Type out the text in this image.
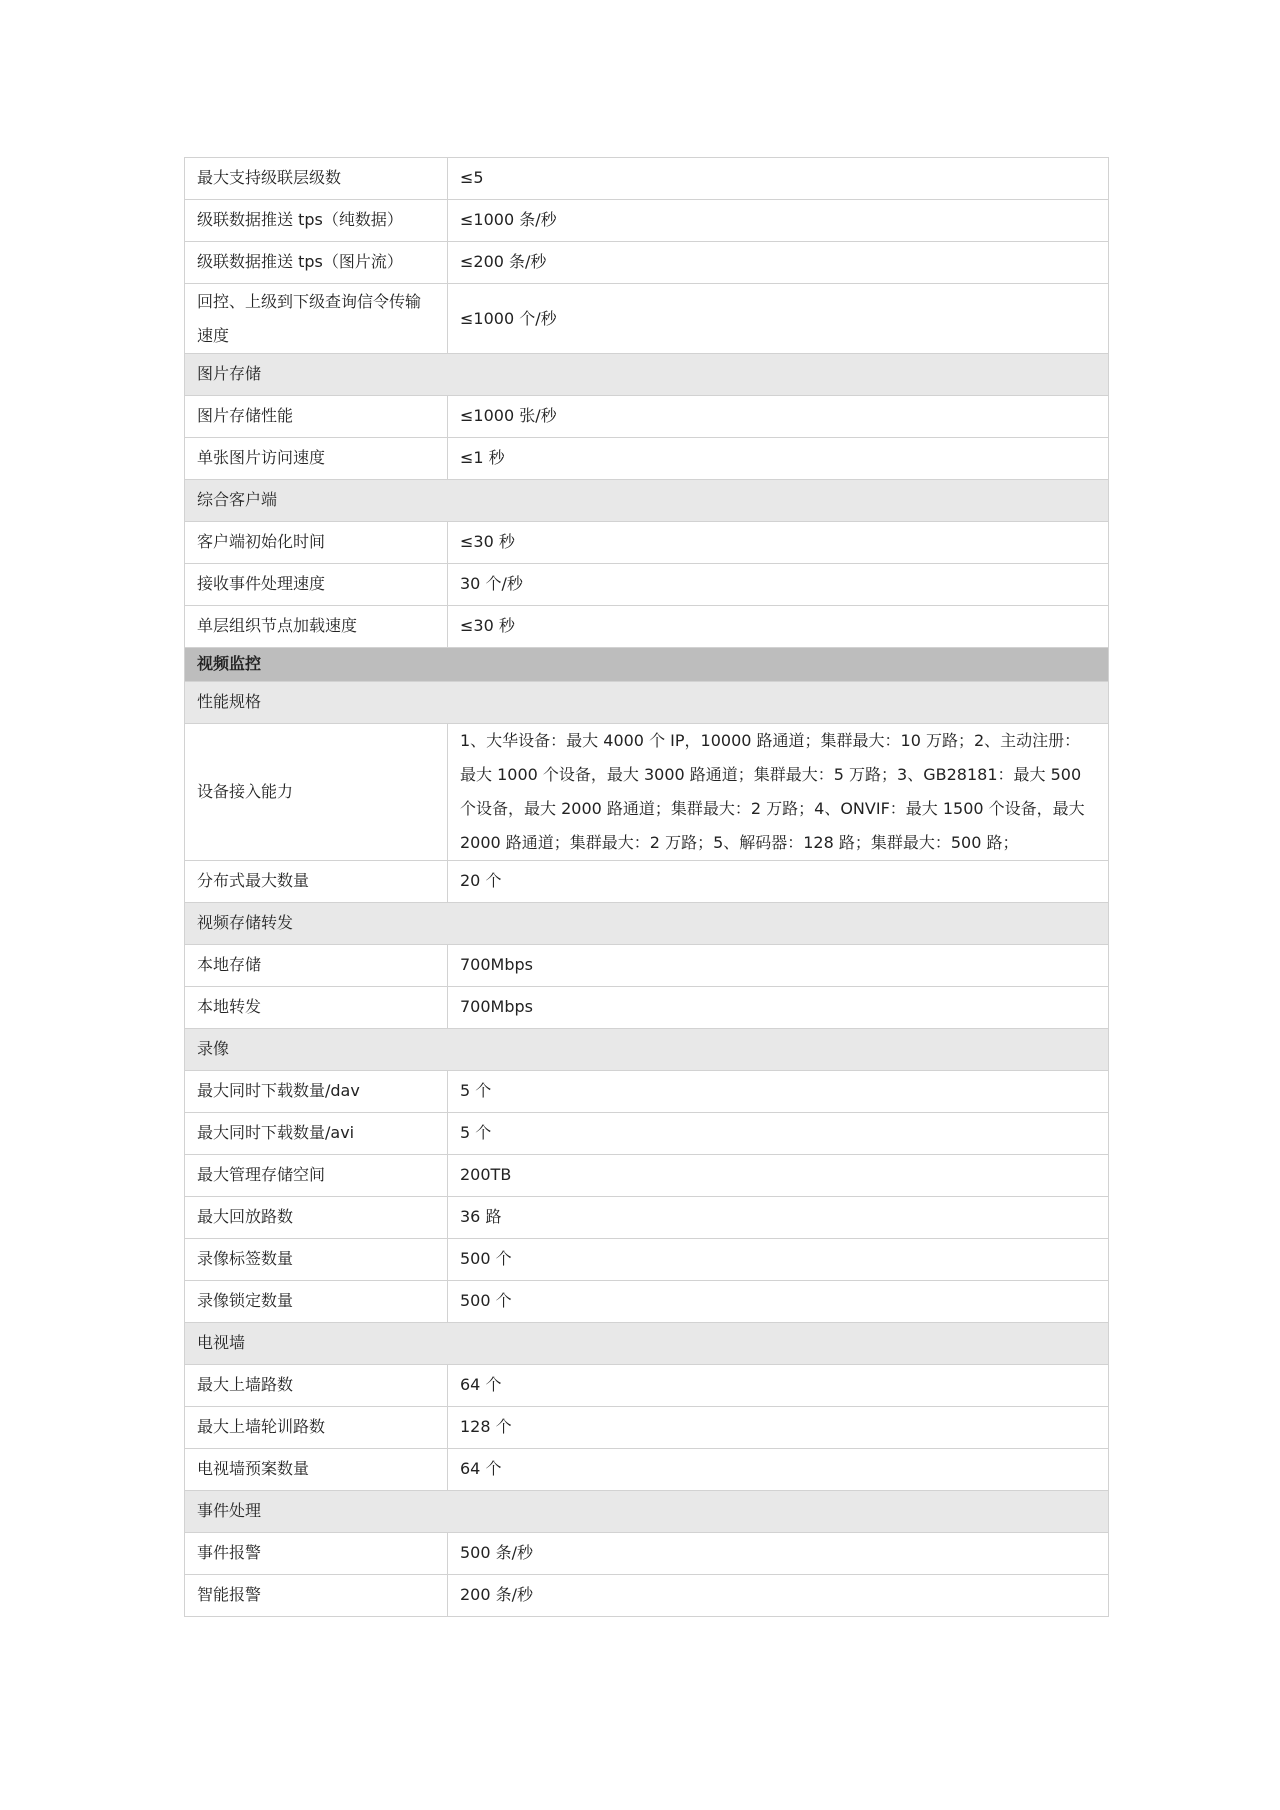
最大支持级联层级数	≤5
级联数据推送 tps（纯数据）	≤1000 条/秒
级联数据推送 tps（图片流）	≤200 条/秒
回控、上级到下级查询信令传输速度	≤1000 个/秒
图片存储	
图片存储性能	≤1000 张/秒
单张图片访问速度	≤1 秒
综合客户端	
客户端初始化时间	≤30 秒
接收事件处理速度	30 个/秒
单层组织节点加载速度	≤30 秒
视频监控	
性能规格	
设备接入能力	1、大华设备：最大 4000 个 IP，10000 路通道；集群最大：10 万路；2、主动注册：最大 1000 个设备，最大 3000 路通道；集群最大：5 万路；3、GB28181：最大 500 个设备，最大 2000 路通道；集群最大：2 万路；4、ONVIF：最大 1500 个设备，最大 2000 路通道；集群最大：2 万路；5、解码器：128 路；集群最大：500 路；
分布式最大数量	20 个
视频存储转发	
本地存储	700Mbps
本地转发	700Mbps
录像	
最大同时下载数量/dav	5 个
最大同时下载数量/avi	5 个
最大管理存储空间	200TB
最大回放路数	36 路
录像标签数量	500 个
录像锁定数量	500 个
电视墙	
最大上墙路数	64 个
最大上墙轮训路数	128 个
电视墙预案数量	64 个
事件处理	
事件报警	500 条/秒
智能报警	200 条/秒
